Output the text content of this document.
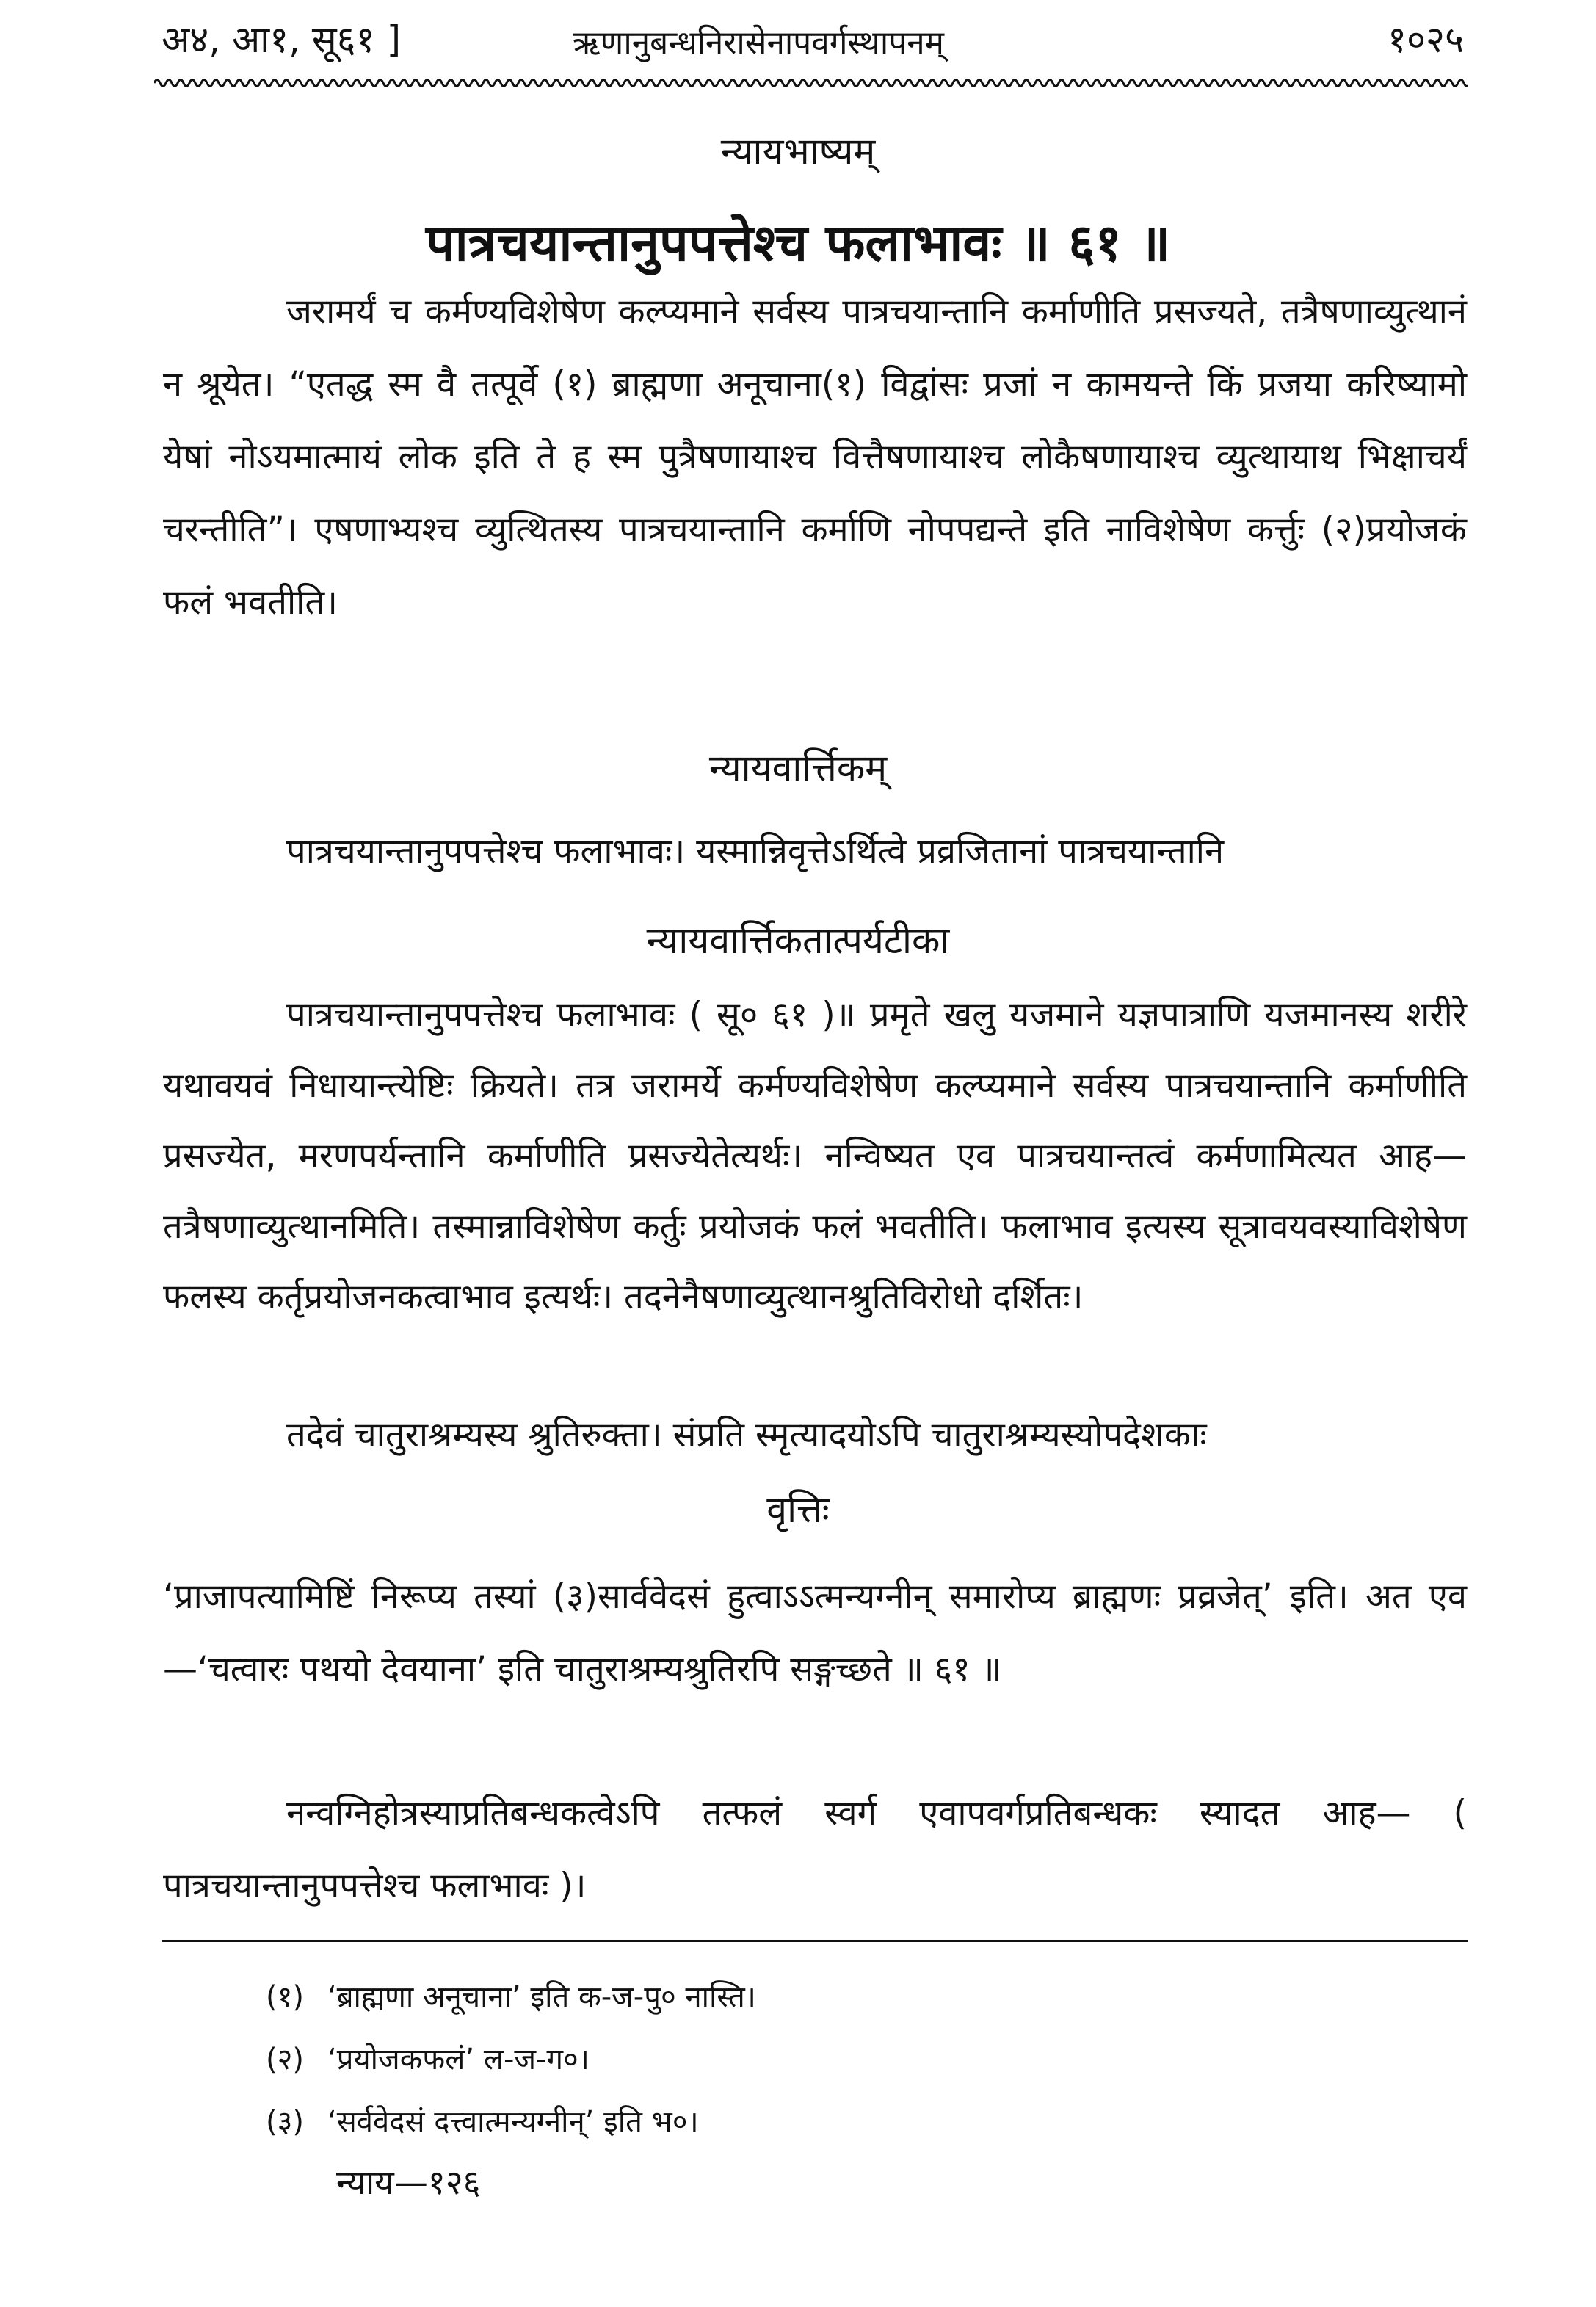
अ४, आ१, सू६१ ]	ऋणानुबन्धनिरासेनापवर्गस्थापनम्	१०२५
न्यायभाष्यम्
पात्रचयान्तानुपपत्तेश्च फलाभावः ॥ ६१ ॥

जरामर्यं च कर्मण्यविशेषेण कल्प्यमाने सर्वस्य पात्रचयान्तानि कर्माणीति प्रसज्यते, तत्रैषणाव्युत्थानं न श्रूयेत। “एतद्ध स्म वै तत्पूर्वे (१) ब्राह्मणा अनूचाना(१) विद्वांसः प्रजां न कामयन्ते किं प्रजया करिष्यामो येषां नोऽयमात्मायं लोक इति ते ह स्म पुत्रैषणायाश्च वित्तैषणायाश्च लोकैषणायाश्च व्युत्थायाथ भिक्षाचर्यं चरन्तीति”। एषणाभ्यश्च व्युत्थितस्य पात्रचयान्तानि कर्माणि नोपपद्यन्ते इति नाविशेषेण कर्त्तुः (२)प्रयोजकं फलं भवतीति।

न्यायवार्त्तिकम्

पात्रचयान्तानुपपत्तेश्च फलाभावः। यस्मान्निवृत्तेऽर्थित्वे प्रव्रजितानां पात्रचयान्तानि

न्यायवार्त्तिकतात्पर्यटीका

पात्रचयान्तानुपपत्तेश्च फलाभावः ( सू० ६१ )॥ प्रमृते खलु यजमाने यज्ञपात्राणि यजमानस्य शरीरे यथावयवं निधायान्त्येष्टिः क्रियते। तत्र जरामर्ये कर्मण्यविशेषेण कल्प्यमाने सर्वस्य पात्रचयान्तानि कर्माणीति प्रसज्येत, मरणपर्यन्तानि कर्माणीति प्रसज्येतेत्यर्थः। नन्विष्यत एव पात्रचयान्तत्वं कर्मणामित्यत आह—तत्रैषणाव्युत्थानमिति। तस्मान्नाविशेषेण कर्तुः प्रयोजकं फलं भवतीति। फलाभाव इत्यस्य सूत्रावयवस्याविशेषेण फलस्य कर्तृप्रयोजनकत्वाभाव इत्यर्थः। तदनेनैषणाव्युत्थानश्रुतिविरोधो दर्शितः।

तदेवं चातुराश्रम्यस्य श्रुतिरुक्ता। संप्रति स्मृत्यादयोऽपि चातुराश्रम्यस्योपदेशकाः

वृत्तिः

‘प्राजापत्यामिष्टिं निरूप्य तस्यां (३)सार्ववेदसं हुत्वाऽऽत्मन्यग्नीन् समारोप्य ब्राह्मणः प्रव्रजेत्’ इति। अत एव—‘चत्वारः पथयो देवयाना’ इति चातुराश्रम्यश्रुतिरपि सङ्गच्छते ॥ ६१ ॥

नन्वग्निहोत्रस्याप्रतिबन्धकत्वेऽपि तत्फलं स्वर्ग एवापवर्गप्रतिबन्धकः स्यादत आह— ( पात्रचयान्तानुपपत्तेश्च फलाभावः )।

(१) ‘ब्राह्मणा अनूचाना’ इति क-ज-पु० नास्ति।
(२) ‘प्रयोजकफलं’ ल-ज-ग०।
(३) ‘सर्ववेदसं दत्त्वात्मन्यग्नीन्’ इति भ०।
न्याय—१२६
